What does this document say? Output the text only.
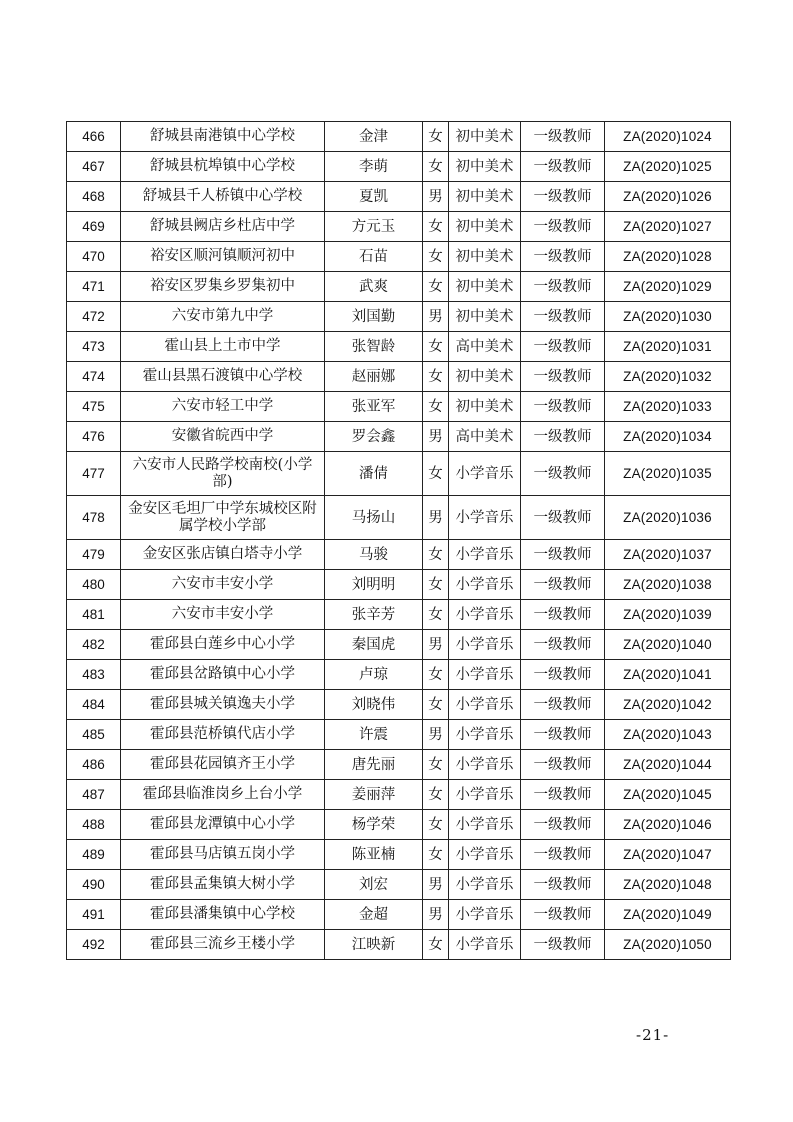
466	舒城县南港镇中心学校	金津	女	初中美术	一级教师	ZA(2020)1024
467	舒城县杭埠镇中心学校	李萌	女	初中美术	一级教师	ZA(2020)1025
468	舒城县千人桥镇中心学校	夏凯	男	初中美术	一级教师	ZA(2020)1026
469	舒城县阙店乡杜店中学	方元玉	女	初中美术	一级教师	ZA(2020)1027
470	裕安区顺河镇顺河初中	石苗	女	初中美术	一级教师	ZA(2020)1028
471	裕安区罗集乡罗集初中	武爽	女	初中美术	一级教师	ZA(2020)1029
472	六安市第九中学	刘国勤	男	初中美术	一级教师	ZA(2020)1030
473	霍山县上土市中学	张智龄	女	高中美术	一级教师	ZA(2020)1031
474	霍山县黑石渡镇中心学校	赵丽娜	女	初中美术	一级教师	ZA(2020)1032
475	六安市轻工中学	张亚军	女	初中美术	一级教师	ZA(2020)1033
476	安徽省皖西中学	罗会鑫	男	高中美术	一级教师	ZA(2020)1034
477	六安市人民路学校南校(小学部)	潘倩	女	小学音乐	一级教师	ZA(2020)1035
478	金安区毛坦厂中学东城校区附属学校小学部	马扬山	男	小学音乐	一级教师	ZA(2020)1036
479	金安区张店镇白塔寺小学	马骏	女	小学音乐	一级教师	ZA(2020)1037
480	六安市丰安小学	刘明明	女	小学音乐	一级教师	ZA(2020)1038
481	六安市丰安小学	张辛芳	女	小学音乐	一级教师	ZA(2020)1039
482	霍邱县白莲乡中心小学	秦国虎	男	小学音乐	一级教师	ZA(2020)1040
483	霍邱县岔路镇中心小学	卢琼	女	小学音乐	一级教师	ZA(2020)1041
484	霍邱县城关镇逸夫小学	刘晓伟	女	小学音乐	一级教师	ZA(2020)1042
485	霍邱县范桥镇代店小学	许震	男	小学音乐	一级教师	ZA(2020)1043
486	霍邱县花园镇齐王小学	唐先丽	女	小学音乐	一级教师	ZA(2020)1044
487	霍邱县临淮岗乡上台小学	姜丽萍	女	小学音乐	一级教师	ZA(2020)1045
488	霍邱县龙潭镇中心小学	杨学荣	女	小学音乐	一级教师	ZA(2020)1046
489	霍邱县马店镇五岗小学	陈亚楠	女	小学音乐	一级教师	ZA(2020)1047
490	霍邱县孟集镇大树小学	刘宏	男	小学音乐	一级教师	ZA(2020)1048
491	霍邱县潘集镇中心学校	金超	男	小学音乐	一级教师	ZA(2020)1049
492	霍邱县三流乡王楼小学	江映新	女	小学音乐	一级教师	ZA(2020)1050
-21-
